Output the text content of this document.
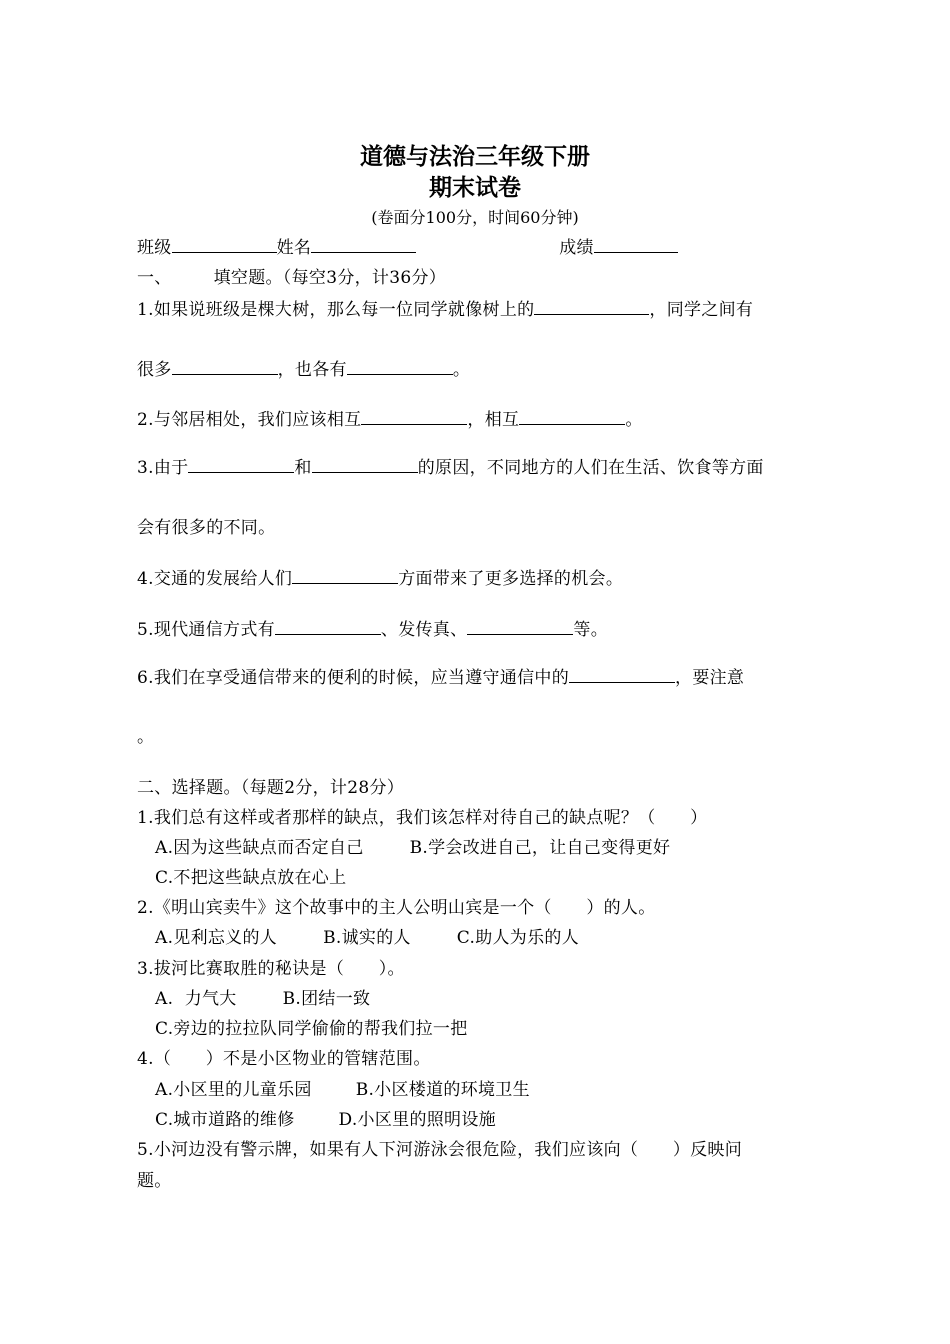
道德与法治三年级下册
期末试卷
(卷面分100分，时间60分钟)
班级	姓名	成绩
一、 填空题。（每空3分，计36分）
1.如果说班级是棵大树，那么每一位同学就像树上的	，同学之间有
很多	，也各有	。
2.与邻居相处，我们应该相互	，相互	。
3.由于	和	的原因，不同地方的人们在生活、饮食等方面
会有很多的不同。
4.交通的发展给人们	方面带来了更多选择的机会。
5.现代通信方式有	、发传真、	等。
6.我们在享受通信带来的便利的时候，应当遵守通信中的	，要注意
。
二、选择题。（每题2分，计28分）
1.我们总有这样或者那样的缺点，我们该怎样对待自己的缺点呢？（　　）
A.因为这些缺点而否定自己	B.学会改进自己，让自己变得更好
C.不把这些缺点放在心上
2.《明山宾卖牛》这个故事中的主人公明山宾是一个（　　）的人。
A.见利忘义的人	B.诚实的人	C.助人为乐的人
3.拔河比赛取胜的秘诀是（　　）。
A.  力气大	B.团结一致
C.旁边的拉拉队同学偷偷的帮我们拉一把
4.（　　）不是小区物业的管辖范围。
A.小区里的儿童乐园	B.小区楼道的环境卫生
C.城市道路的维修	D.小区里的照明设施
5.小河边没有警示牌，如果有人下河游泳会很危险，我们应该向（　　）反映问
题。
